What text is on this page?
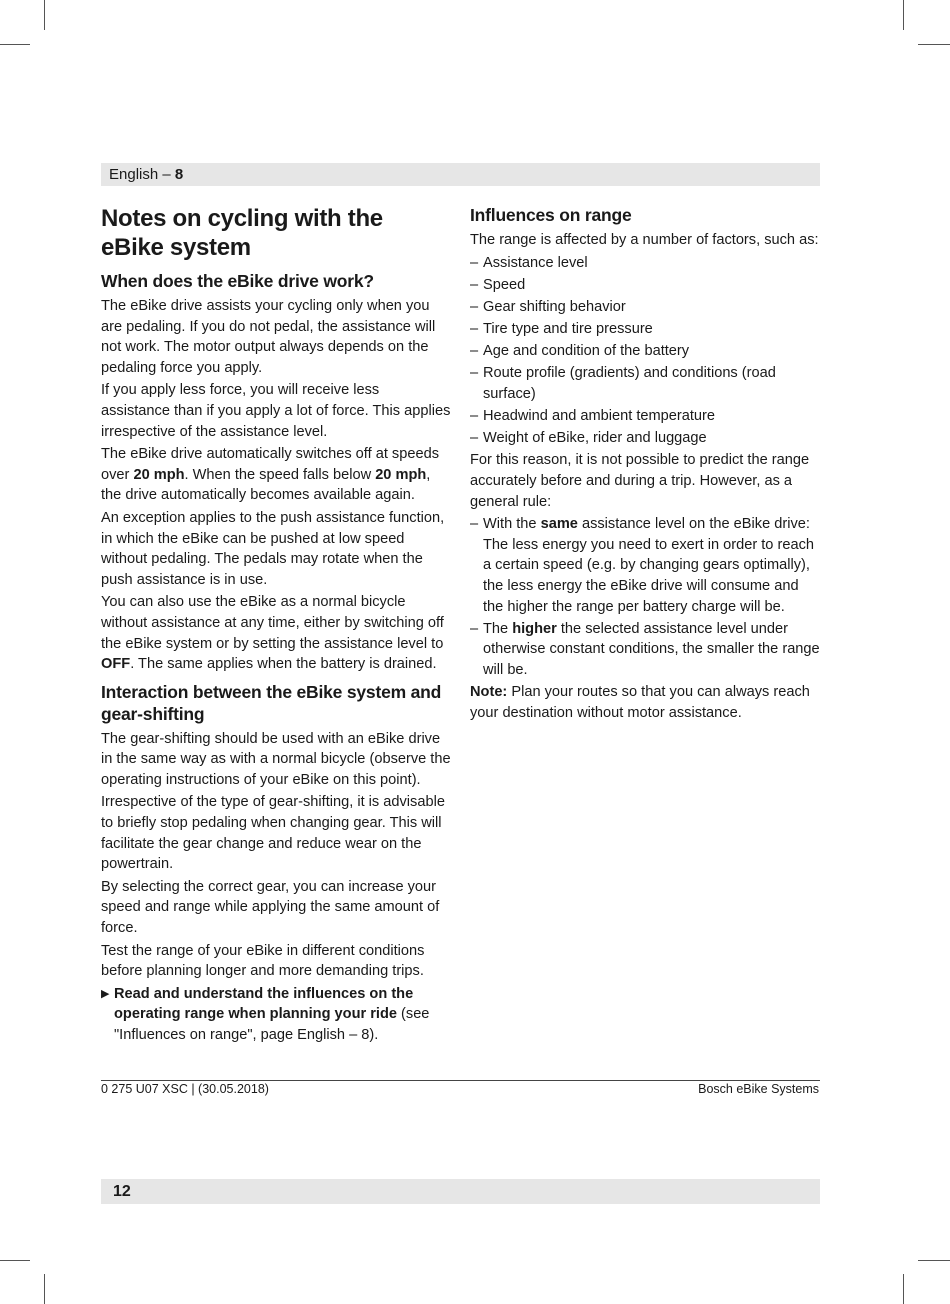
English – 8
Notes on cycling with the eBike system
When does the eBike drive work?

The eBike drive assists your cycling only when you are pedaling. If you do not pedal, the assistance will not work. The motor output always depends on the pedaling force you apply.

If you apply less force, you will receive less assistance than if you apply a lot of force. This applies irrespective of the assistance level.

The eBike drive automatically switches off at speeds over 20 mph. When the speed falls below 20 mph, the drive automatically becomes available again.

An exception applies to the push assistance function, in which the eBike can be pushed at low speed without pedaling. The pedals may rotate when the push assistance is in use.

You can also use the eBike as a normal bicycle without assistance at any time, either by switching off the eBike system or by setting the assistance level to OFF. The same applies when the battery is drained.

Interaction between the eBike system and gear-shifting

The gear-shifting should be used with an eBike drive in the same way as with a normal bicycle (observe the operating instructions of your eBike on this point).

Irrespective of the type of gear-shifting, it is advisable to briefly stop pedaling when changing gear. This will facilitate the gear change and reduce wear on the powertrain.

By selecting the correct gear, you can increase your speed and range while applying the same amount of force.

Test the range of your eBike in different conditions before planning longer and more demanding trips.

▶ Read and understand the influences on the operating range when planning your ride (see "Influences on range", page English – 8).
Influences on range

The range is affected by a number of factors, such as:

– Assistance level
– Speed
– Gear shifting behavior
– Tire type and tire pressure
– Age and condition of the battery
– Route profile (gradients) and conditions (road surface)
– Headwind and ambient temperature
– Weight of eBike, rider and luggage

For this reason, it is not possible to predict the range accurately before and during a trip. However, as a general rule:

– With the same assistance level on the eBike drive: The less energy you need to exert in order to reach a certain speed (e.g. by changing gears optimally), the less energy the eBike drive will consume and the higher the range per battery charge will be.
– The higher the selected assistance level under otherwise constant conditions, the smaller the range will be.

Note: Plan your routes so that you can always reach your destination without motor assistance.

0 275 U07 XSC | (30.05.2018)	Bosch eBike Systems
12
